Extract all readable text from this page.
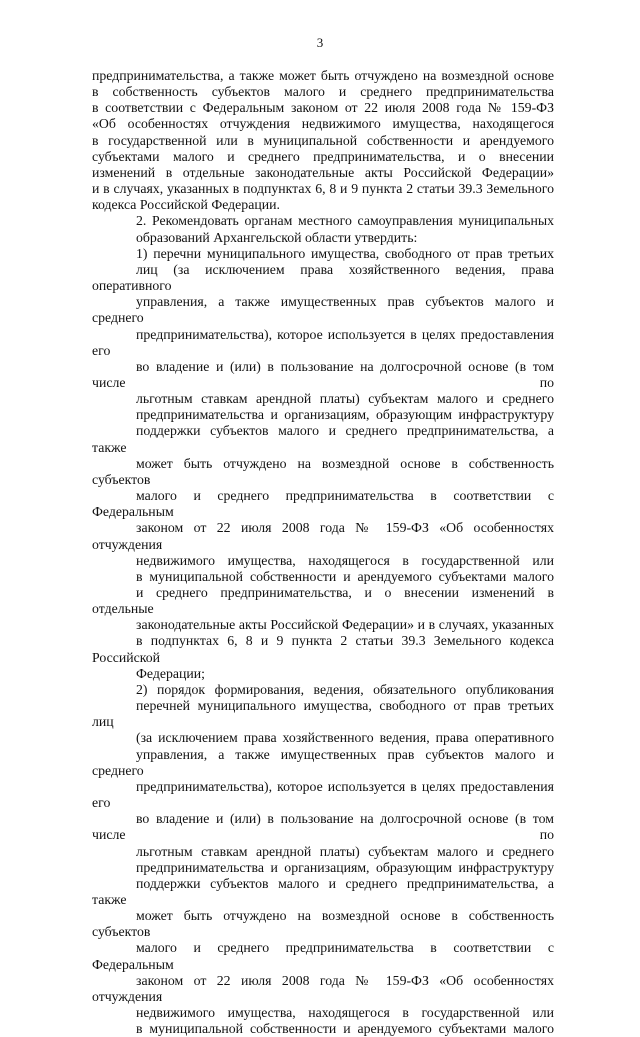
3
предпринимательства, а также может быть отчуждено на возмездной основе
в собственность субъектов малого и среднего предпринимательства
в соответствии с Федеральным законом от 22 июля 2008 года № 159-ФЗ
«Об особенностях отчуждения недвижимого имущества, находящегося
в государственной или в муниципальной собственности и арендуемого
субъектами малого и среднего предпринимательства, и о внесении
изменений в отдельные законодательные акты Российской Федерации»
и в случаях, указанных в подпунктах 6, 8 и 9 пункта 2 статьи 39.3 Земельного
кодекса Российской Федерации.
2. Рекомендовать органам местного самоуправления муниципальных
образований Архангельской области утвердить:
1) перечни муниципального имущества, свободного от прав третьих
лиц (за исключением права хозяйственного ведения, права оперативного
управления, а также имущественных прав субъектов малого и среднего
предпринимательства), которое используется в целях предоставления его
во владение и (или) в пользование на долгосрочной основе (в том числе по
льготным ставкам арендной платы) субъектам малого и среднего
предпринимательства и организациям, образующим инфраструктуру
поддержки субъектов малого и среднего предпринимательства, а также
может быть отчуждено на возмездной основе в собственность субъектов
малого и среднего предпринимательства в соответствии с Федеральным
законом от 22 июля 2008 года № 159-ФЗ «Об особенностях отчуждения
недвижимого имущества, находящегося в государственной или
в муниципальной собственности и арендуемого субъектами малого
и среднего предпринимательства, и о внесении изменений в отдельные
законодательные акты Российской Федерации» и в случаях, указанных
в подпунктах 6, 8 и 9 пункта 2 статьи 39.3 Земельного кодекса Российской
Федерации;
2) порядок формирования, ведения, обязательного опубликования
перечней муниципального имущества, свободного от прав третьих лиц
(за исключением права хозяйственного ведения, права оперативного
управления, а также имущественных прав субъектов малого и среднего
предпринимательства), которое используется в целях предоставления его
во владение и (или) в пользование на долгосрочной основе (в том числе по
льготным ставкам арендной платы) субъектам малого и среднего
предпринимательства и организациям, образующим инфраструктуру
поддержки субъектов малого и среднего предпринимательства, а также
может быть отчуждено на возмездной основе в собственность субъектов
малого и среднего предпринимательства в соответствии с Федеральным
законом от 22 июля 2008 года № 159-ФЗ «Об особенностях отчуждения
недвижимого имущества, находящегося в государственной или
в муниципальной собственности и арендуемого субъектами малого
